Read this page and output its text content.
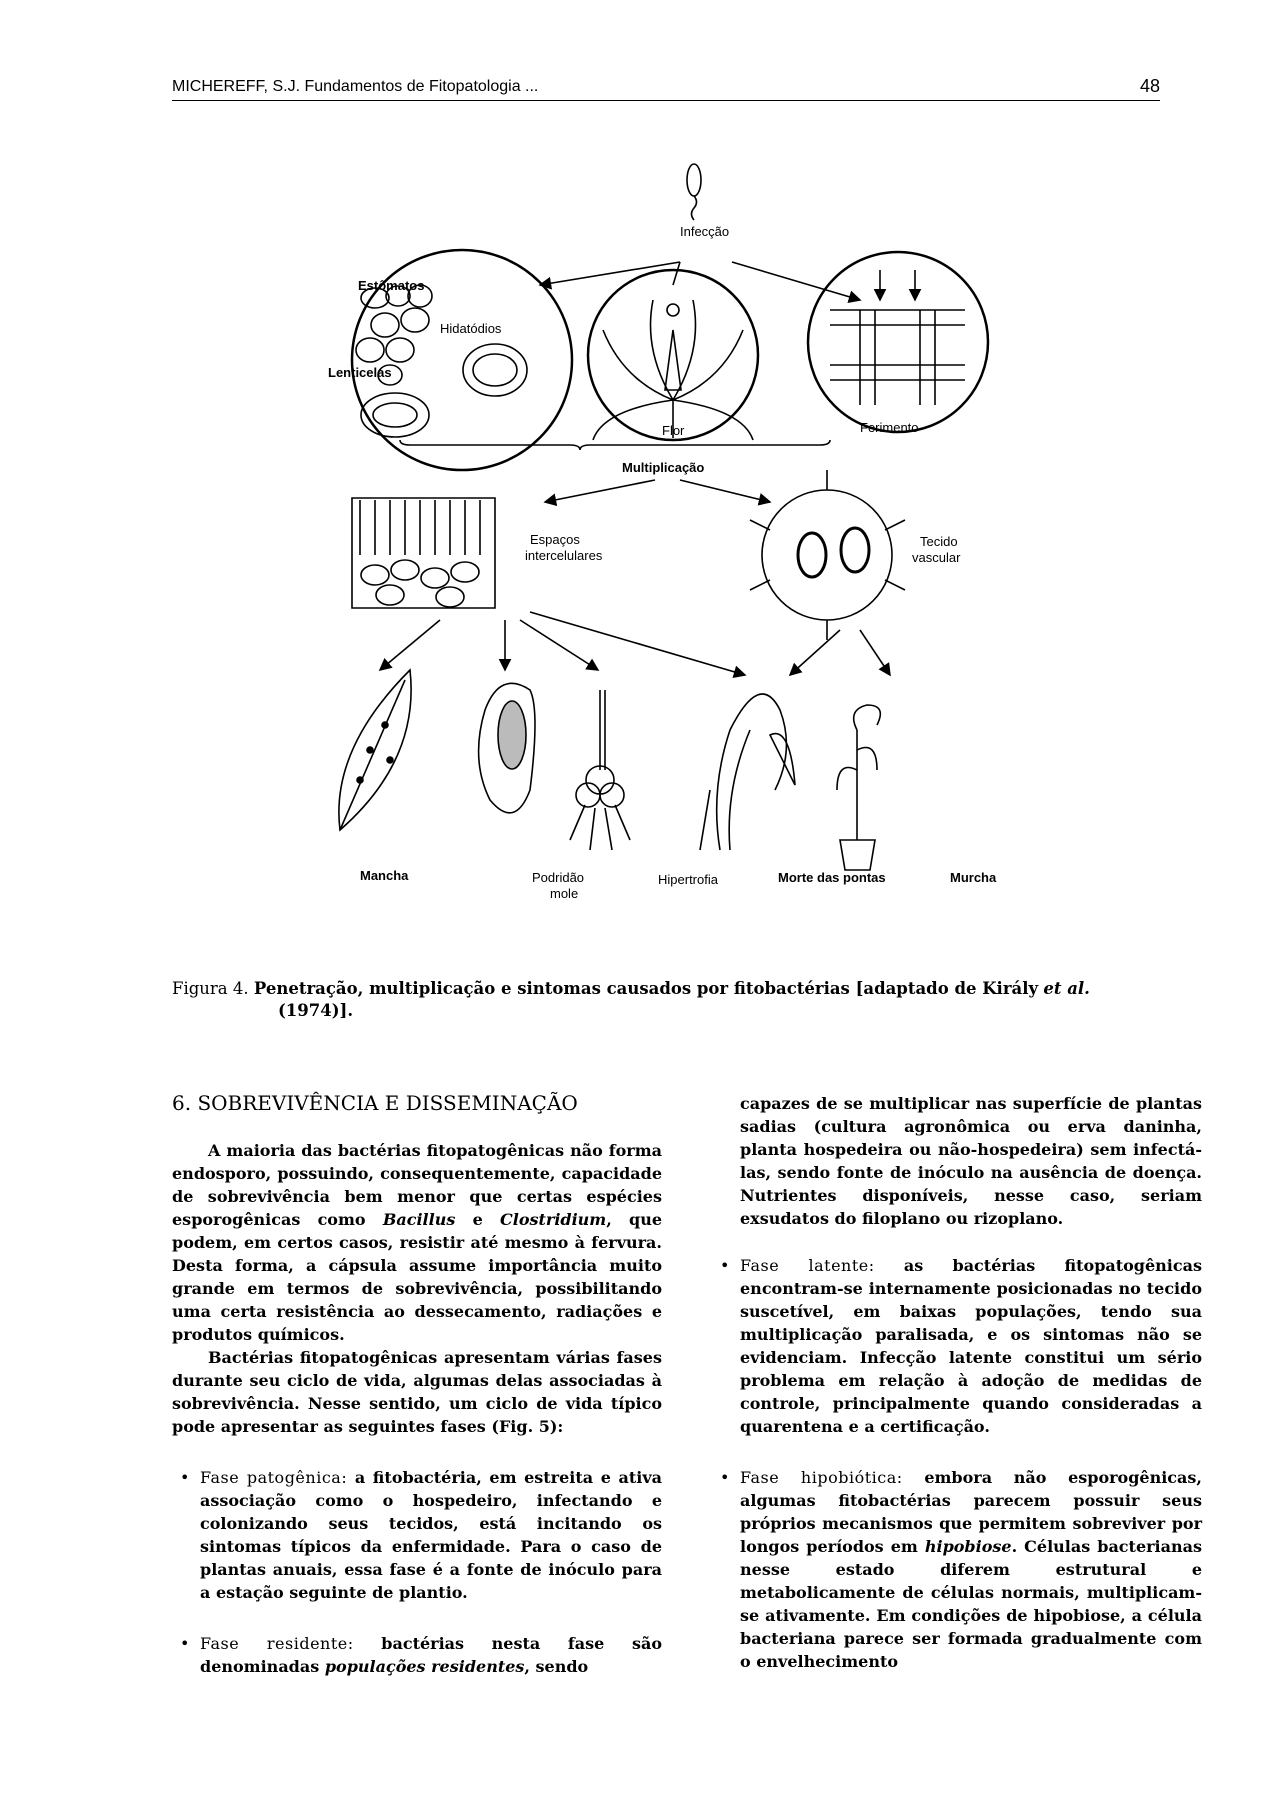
MICHEREFF, S.J. Fundamentos de Fitopatologia ...	48
Infecção
Estômatos
Hidatódios
Lenticelas
Flor	Ferimento
Multiplicação
Espaços
intercelulares
Tecido
vascular
Mancha	Podridão
mole
Hipertrofia	Morte das pontas	Murcha
Figura 4. Penetração, multiplicação e sintomas causados por fitobactérias [adaptado de Király et al.
(1974)].
6. SOBREVIVÊNCIA E DISSEMINAÇÃO

A maioria das bactérias fitopatogênicas não forma endosporo, possuindo, consequentemente, capacidade de sobrevivência bem menor que certas espécies esporogênicas como Bacillus e Clostridium, que podem, em certos casos, resistir até mesmo à fervura. Desta forma, a cápsula assume importância muito grande em termos de sobrevivência, possibilitando uma certa resistência ao dessecamento, radiações e produtos químicos.

Bactérias fitopatogênicas apresentam várias fases durante seu ciclo de vida, algumas delas associadas à sobrevivência. Nesse sentido, um ciclo de vida típico pode apresentar as seguintes fases (Fig. 5):

• Fase patogênica: a fitobactéria, em estreita e ativa associação como o hospedeiro, infectando e colonizando seus tecidos, está incitando os sintomas típicos da enfermidade. Para o caso de plantas anuais, essa fase é a fonte de inóculo para a estação seguinte de plantio.

• Fase residente: bactérias nesta fase são denominadas populações residentes, sendo

capazes de se multiplicar nas superfície de plantas sadias (cultura agronômica ou erva daninha, planta hospedeira ou não-hospedeira) sem infectá-las, sendo fonte de inóculo na ausência de doença. Nutrientes disponíveis, nesse caso, seriam exsudatos do filoplano ou rizoplano.

• Fase latente: as bactérias fitopatogênicas encontram-se internamente posicionadas no tecido suscetível, em baixas populações, tendo sua multiplicação paralisada, e os sintomas não se evidenciam. Infecção latente constitui um sério problema em relação à adoção de medidas de controle, principalmente quando consideradas a quarentena e a certificação.

• Fase hipobiótica: embora não esporogênicas, algumas fitobactérias parecem possuir seus próprios mecanismos que permitem sobreviver por longos períodos em hipobiose. Células bacterianas nesse estado diferem estrutural e metabolicamente de células normais, multiplicam-se ativamente. Em condições de hipobiose, a célula bacteriana parece ser formada gradualmente com o envelhecimento
